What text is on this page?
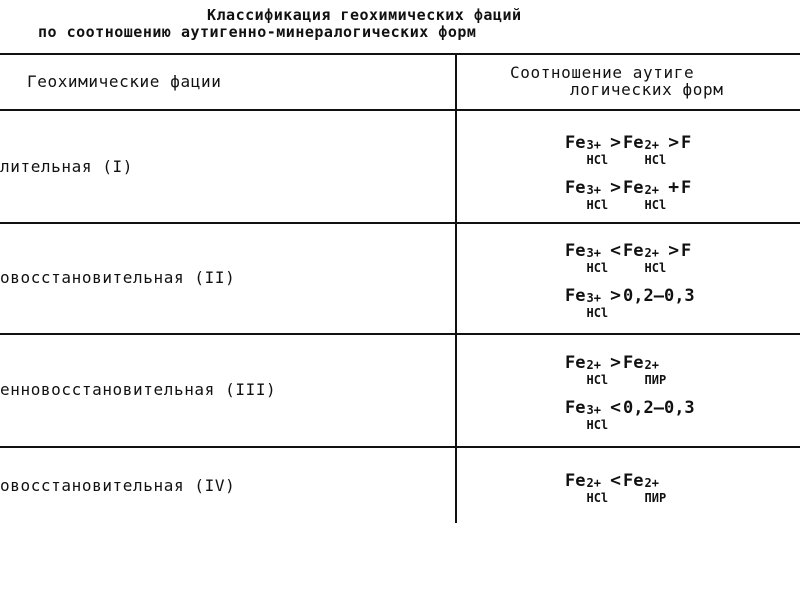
Классификация геохимических фаций
по соотношению аутигенно-минералогических форм
Геохимические фации	Соотношение аутиге
логических форм
лительная (I)
овосстановительная (II)
енновосстановительная (III)
овосстановительная (IV)
Fe 3+
HCl
> Fe 2+
HCl
> F
Fe 3+
HCl
> Fe 2+
HCl
+ F
Fe 3+
HCl
< Fe 2+
HCl
> F
Fe 3+
HCl
> 0,2—0,3
Fe 2+
HCl
> Fe 2+
ПИР
Fe 3+
HCl
< 0,2—0,3
Fe 2+
HCl
< Fe 2+
ПИР
